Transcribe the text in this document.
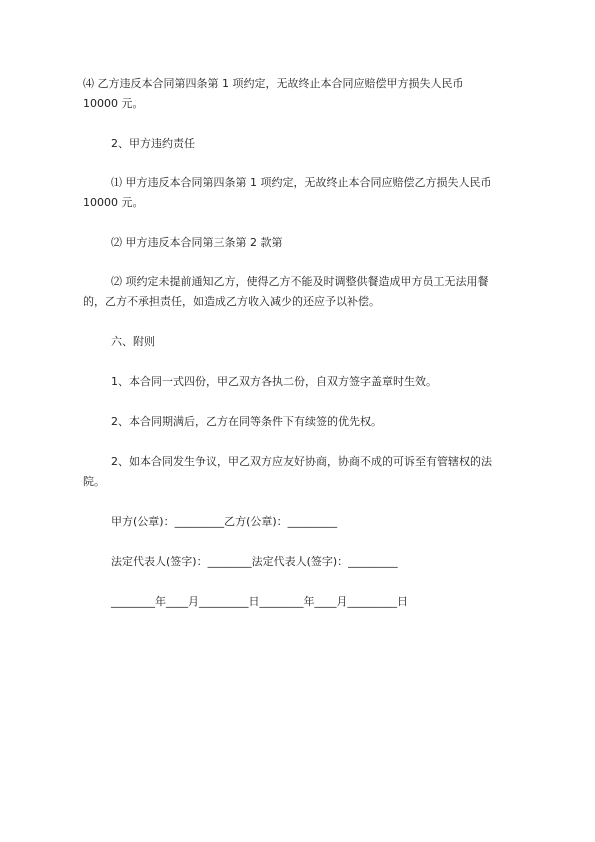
⑷ 乙方违反本合同第四条第 1 项约定，无故终止本合同应赔偿甲方损失人民币
10000 元。

2、甲方违约责任

⑴ 甲方违反本合同第四条第 1 项约定，无故终止本合同应赔偿乙方损失人民币
10000 元。

⑵ 甲方违反本合同第三条第 2 款第

⑵ 项约定未提前通知乙方，使得乙方不能及时调整供餐造成甲方员工无法用餐
的，乙方不承担责任，如造成乙方收入减少的还应予以补偿。

六、附则

1、本合同一式四份，甲乙双方各执二份，自双方签字盖章时生效。

2、本合同期满后，乙方在同等条件下有续签的优先权。

2、如本合同发生争议，甲乙双方应友好协商，协商不成的可诉至有管辖权的法
院。

甲方(公章)：_________乙方(公章)：_________

法定代表人(签字)：________法定代表人(签字)：_________

________年____月_________日________年____月_________日
